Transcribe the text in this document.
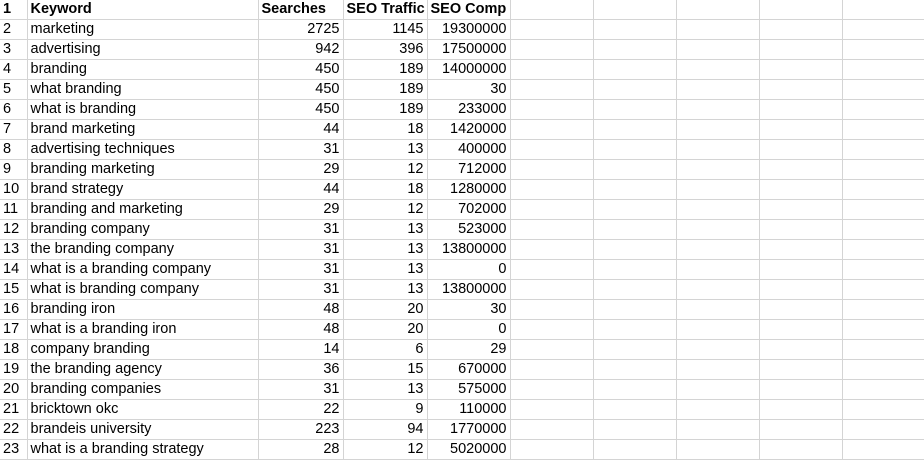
1	Keyword	Searches	SEO Traffic	SEO Comp					
2	marketing	2725	1145	19300000					
3	advertising	942	396	17500000					
4	branding	450	189	14000000					
5	what branding	450	189	30					
6	what is branding	450	189	233000					
7	brand marketing	44	18	1420000					
8	advertising techniques	31	13	400000					
9	branding marketing	29	12	712000					
10	brand strategy	44	18	1280000					
11	branding and marketing	29	12	702000					
12	branding company	31	13	523000					
13	the branding company	31	13	13800000					
14	what is a branding company	31	13	0					
15	what is branding company	31	13	13800000					
16	branding iron	48	20	30					
17	what is a branding iron	48	20	0					
18	company branding	14	6	29					
19	the branding agency	36	15	670000					
20	branding companies	31	13	575000					
21	bricktown okc	22	9	110000					
22	brandeis university	223	94	1770000					
23	what is a branding strategy	28	12	5020000					
